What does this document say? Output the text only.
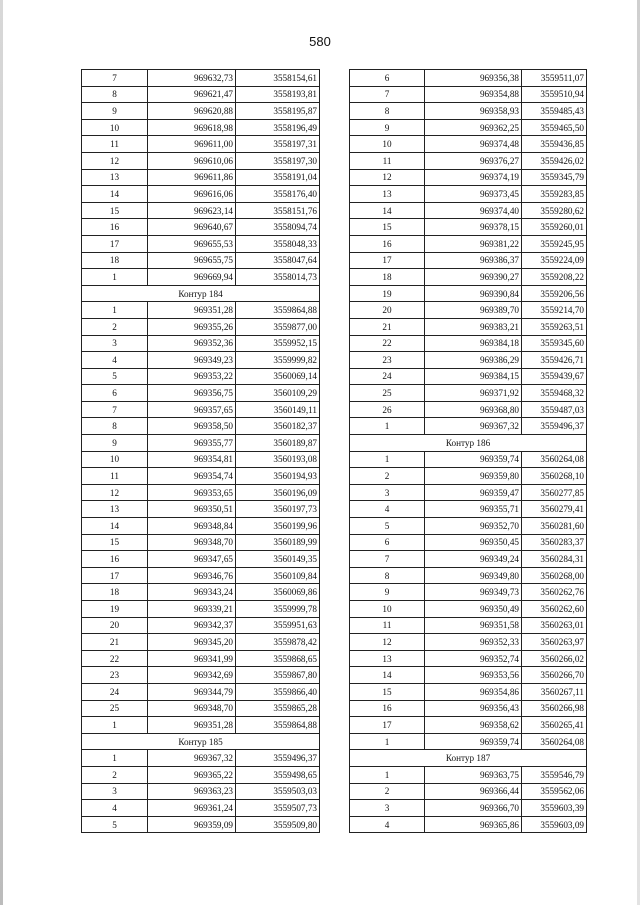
580
7	969632,73	3558154,61
8	969621,47	3558193,81
9	969620,88	3558195,87
10	969618,98	3558196,49
11	969611,00	3558197,31
12	969610,06	3558197,30
13	969611,86	3558191,04
14	969616,06	3558176,40
15	969623,14	3558151,76
16	969640,67	3558094,74
17	969655,53	3558048,33
18	969655,75	3558047,64
1	969669,94	3558014,73
Контур 184		
1	969351,28	3559864,88
2	969355,26	3559877,00
3	969352,36	3559952,15
4	969349,23	3559999,82
5	969353,22	3560069,14
6	969356,75	3560109,29
7	969357,65	3560149,11
8	969358,50	3560182,37
9	969355,77	3560189,87
10	969354,81	3560193,08
11	969354,74	3560194,93
12	969353,65	3560196,09
13	969350,51	3560197,73
14	969348,84	3560199,96
15	969348,70	3560189,99
16	969347,65	3560149,35
17	969346,76	3560109,84
18	969343,24	3560069,86
19	969339,21	3559999,78
20	969342,37	3559951,63
21	969345,20	3559878,42
22	969341,99	3559868,65
23	969342,69	3559867,80
24	969344,79	3559866,40
25	969348,70	3559865,28
1	969351,28	3559864,88
Контур 185		
1	969367,32	3559496,37
2	969365,22	3559498,65
3	969363,23	3559503,03
4	969361,24	3559507,73
5	969359,09	3559509,80
6	969356,38	3559511,07
7	969354,88	3559510,94
8	969358,93	3559485,43
9	969362,25	3559465,50
10	969374,48	3559436,85
11	969376,27	3559426,02
12	969374,19	3559345,79
13	969373,45	3559283,85
14	969374,40	3559280,62
15	969378,15	3559260,01
16	969381,22	3559245,95
17	969386,37	3559224,09
18	969390,27	3559208,22
19	969390,84	3559206,56
20	969389,70	3559214,70
21	969383,21	3559263,51
22	969384,18	3559345,60
23	969386,29	3559426,71
24	969384,15	3559439,67
25	969371,92	3559468,32
26	969368,80	3559487,03
1	969367,32	3559496,37
Контур 186		
1	969359,74	3560264,08
2	969359,80	3560268,10
3	969359,47	3560277,85
4	969355,71	3560279,41
5	969352,70	3560281,60
6	969350,45	3560283,37
7	969349,24	3560284,31
8	969349,80	3560268,00
9	969349,73	3560262,76
10	969350,49	3560262,60
11	969351,58	3560263,01
12	969352,33	3560263,97
13	969352,74	3560266,02
14	969353,56	3560266,70
15	969354,86	3560267,11
16	969356,43	3560266,98
17	969358,62	3560265,41
1	969359,74	3560264,08
Контур 187		
1	969363,75	3559546,79
2	969366,44	3559562,06
3	969366,70	3559603,39
4	969365,86	3559603,09
